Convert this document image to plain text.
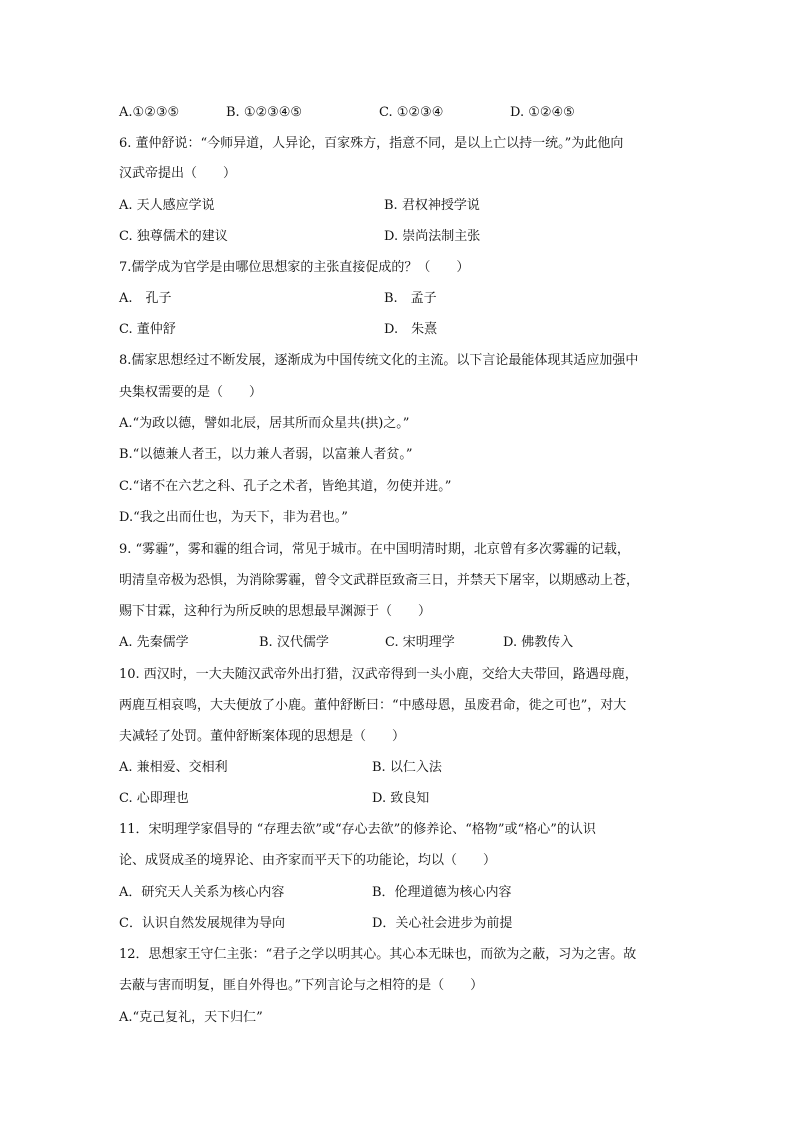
A.①②③⑤	B. ①②③④⑤	C. ①②③④	D. ①②④⑤
6. 董仲舒说：“今师异道，人异论，百家殊方，指意不同，是以上亡以持一统。”为此他向
汉武帝提出（　　）
A. 天人感应学说	B. 君权神授学说
C. 独尊儒术的建议	D. 崇尚法制主张
7.儒学成为官学是由哪位思想家的主张直接促成的？（　　）
A.　孔子	B.　孟子
C. 董仲舒	D.　朱熹
8.儒家思想经过不断发展，逐渐成为中国传统文化的主流。以下言论最能体现其适应加强中
央集权需要的是（　　）
A.“为政以德，譬如北辰，居其所而众星共(拱)之。”
B.“以德兼人者王，以力兼人者弱，以富兼人者贫。”
C.“诸不在六艺之科、孔子之术者，皆绝其道，勿使并进。”
D.“我之出而仕也，为天下，非为君也。”
9. “雾霾”，雾和霾的组合词，常见于城市。在中国明清时期，北京曾有多次雾霾的记载，
明清皇帝极为恐惧，为消除雾霾，曾令文武群臣致斋三日，并禁天下屠宰，以期感动上苍，
赐下甘霖，这种行为所反映的思想最早渊源于（　　）
A. 先秦儒学	B. 汉代儒学	C. 宋明理学	D. 佛教传入
10. 西汉时，一大夫随汉武帝外出打猎，汉武帝得到一头小鹿，交给大夫带回，路遇母鹿，
两鹿互相哀鸣，大夫便放了小鹿。董仲舒断曰：“中感母恩，虽废君命，徙之可也”，对大
夫减轻了处罚。董仲舒断案体现的思想是（　　）
A. 兼相爱、交相利	B. 以仁入法
C. 心即理也	D. 致良知
11．宋明理学家倡导的 “存理去欲”或“存心去欲”的修养论、“格物”或“格心”的认识
论、成贤成圣的境界论、由齐家而平天下的功能论，均以（　　）
A．研究天人关系为核心内容	B．伦理道德为核心内容
C．认识自然发展规律为导向	D．关心社会进步为前提
12．思想家王守仁主张：“君子之学以明其心。其心本无昧也，而欲为之蔽，习为之害。故
去蔽与害而明复，匪自外得也。”下列言论与之相符的是（　　）
A.“克己复礼，天下归仁”
